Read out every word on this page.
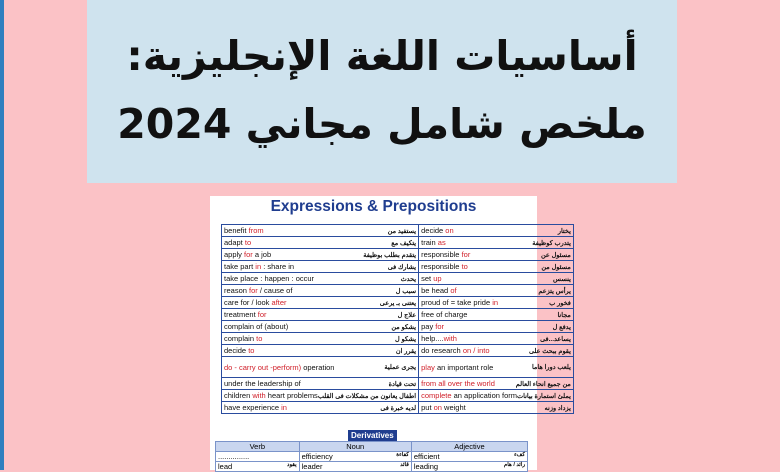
أساسيات اللغة الإنجليزية:
ملخص شامل مجاني 2024
Expressions & Prepositions
benefit from يستفيد من	decide on يختار

adapt to يتكيف مع	train as يتدرب كوظيفة

apply for a job يتقدم بطلب بوظيفة	responsible for مسئول عن

take part in : share in يشارك فى	responsible to مسئول من

take place : happen : occur يحدث	set up ينسس

reason for / cause of سبب ل	be head of يرأس يتزعم

care for / look after يعتنى بـ يرعى	proud of = take pride in فخور ب

treatment for علاج ل	free of charge مجانا

complain of (about) يشكو من	pay for يدفع ل

complain to يشكو ل	help....with يساعد...فى

decide to يقرر ان	do research on / into يقوم ببحث على

do - carry out -perform) operation يجرى عملية	play an important role يلعب دورا هاما

under the leadership of تحت قيادة	from all over the world من جميع انحاء العالم

children with heart problems اطفال يعانون من مشكلات فى القلب	complete an application form يملئ استمارة بيانات

have experience in لديه خبرة فى	put on weight يزداد وزنه
Derivatives
Verb	Noun	Adjective
...............	efficiency كفاءة	efficient كفء

lead يقود	leader قائد	leading رائد / هام
